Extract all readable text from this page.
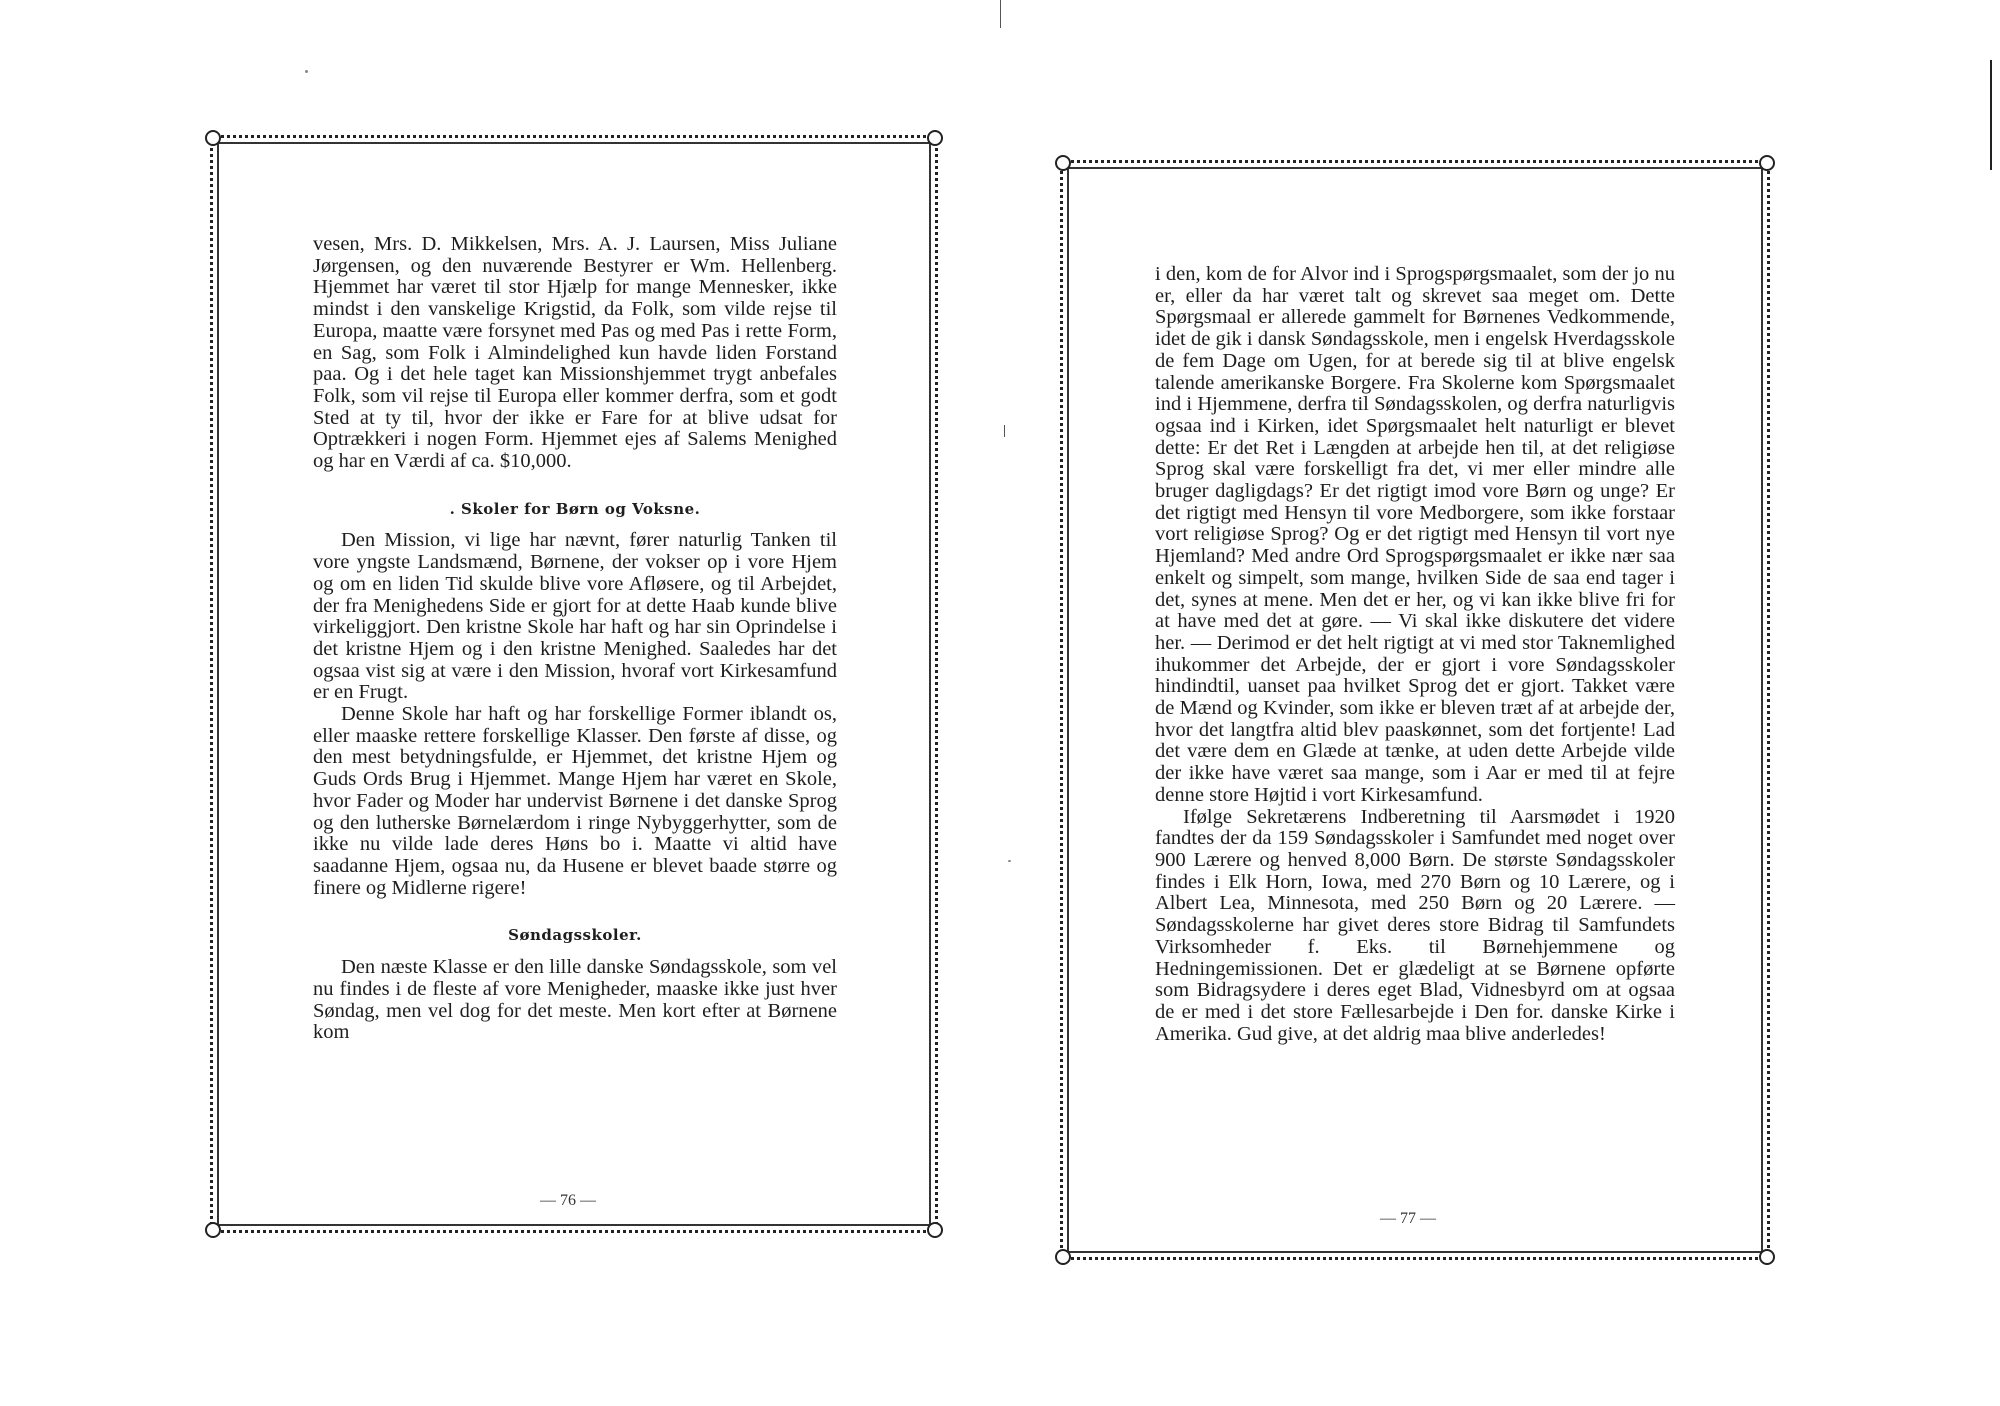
vesen, Mrs. D. Mikkelsen, Mrs. A. J. Laursen, Miss Juliane Jørgensen, og den nuværende Bestyrer er Wm. Hellenberg. Hjemmet har været til stor Hjælp for mange Mennesker, ikke mindst i den vanskelige Krigstid, da Folk, som vilde rejse til Europa, maatte være forsynet med Pas og med Pas i rette Form, en Sag, som Folk i Almindelighed kun havde liden Forstand paa. Og i det hele taget kan Missionshjemmet trygt anbefales Folk, som vil rejse til Europa eller kommer derfra, som et godt Sted at ty til, hvor der ikke er Fare for at blive udsat for Optrækkeri i nogen Form. Hjemmet ejes af Salems Menighed og har en Værdi af ca. $10,000.

. Skoler for Børn og Voksne.

Den Mission, vi lige har nævnt, fører naturlig Tanken til vore yngste Landsmænd, Børnene, der vokser op i vore Hjem og om en liden Tid skulde blive vore Afløsere, og til Arbejdet, der fra Menighedens Side er gjort for at dette Haab kunde blive virkeliggjort. Den kristne Skole har haft og har sin Oprindelse i det kristne Hjem og i den kristne Menighed. Saaledes har det ogsaa vist sig at være i den Mission, hvoraf vort Kirkesamfund er en Frugt.

Denne Skole har haft og har forskellige Former iblandt os, eller maaske rettere forskellige Klasser. Den første af disse, og den mest betydningsfulde, er Hjemmet, det kristne Hjem og Guds Ords Brug i Hjemmet. Mange Hjem har været en Skole, hvor Fader og Moder har undervist Børnene i det danske Sprog og den lutherske Børnelærdom i ringe Nybyggerhytter, som de ikke nu vilde lade deres Høns bo i. Maatte vi altid have saadanne Hjem, ogsaa nu, da Husene er blevet baade større og finere og Midlerne rigere!

Søndagsskoler.

Den næste Klasse er den lille danske Søndagsskole, som vel nu findes i de fleste af vore Menigheder, maaske ikke just hver Søndag, men vel dog for det meste. Men kort efter at Børnene kom

— 76 —

i den, kom de for Alvor ind i Sprogspørgsmaalet, som der jo nu er, eller da har været talt og skrevet saa meget om. Dette Spørgsmaal er allerede gammelt for Børnenes Vedkommende, idet de gik i dansk Søndagsskole, men i engelsk Hverdagsskole de fem Dage om Ugen, for at berede sig til at blive engelsk talende amerikanske Borgere. Fra Skolerne kom Spørgsmaalet ind i Hjemmene, derfra til Søndagsskolen, og derfra naturligvis ogsaa ind i Kirken, idet Spørgsmaalet helt naturligt er blevet dette: Er det Ret i Længden at arbejde hen til, at det religiøse Sprog skal være forskelligt fra det, vi mer eller mindre alle bruger dagligdags? Er det rigtigt imod vore Børn og unge? Er det rigtigt med Hensyn til vore Medborgere, som ikke forstaar vort religiøse Sprog? Og er det rigtigt med Hensyn til vort nye Hjemland? Med andre Ord Sprogspørgsmaalet er ikke nær saa enkelt og simpelt, som mange, hvilken Side de saa end tager i det, synes at mene. Men det er her, og vi kan ikke blive fri for at have med det at gøre. — Vi skal ikke diskutere det videre her. — Derimod er det helt rigtigt at vi med stor Taknemlighed ihukommer det Arbejde, der er gjort i vore Søndagsskoler hindindtil, uanset paa hvilket Sprog det er gjort. Takket være de Mænd og Kvinder, som ikke er bleven træt af at arbejde der, hvor det langtfra altid blev paaskønnet, som det fortjente! Lad det være dem en Glæde at tænke, at uden dette Arbejde vilde der ikke have været saa mange, som i Aar er med til at fejre denne store Højtid i vort Kirkesamfund.

Ifølge Sekretærens Indberetning til Aarsmødet i 1920 fandtes der da 159 Søndagsskoler i Samfundet med noget over 900 Lærere og henved 8,000 Børn. De største Søndagsskoler findes i Elk Horn, Iowa, med 270 Børn og 10 Lærere, og i Albert Lea, Minnesota, med 250 Børn og 20 Lærere. — Søndagsskolerne har givet deres store Bidrag til Samfundets Virksomheder f. Eks. til Børnehjemmene og Hedningemissionen. Det er glædeligt at se Børnene opførte som Bidragsydere i deres eget Blad, Vidnesbyrd om at ogsaa de er med i det store Fællesarbejde i Den for. danske Kirke i Amerika. Gud give, at det aldrig maa blive anderledes!

— 77 —
